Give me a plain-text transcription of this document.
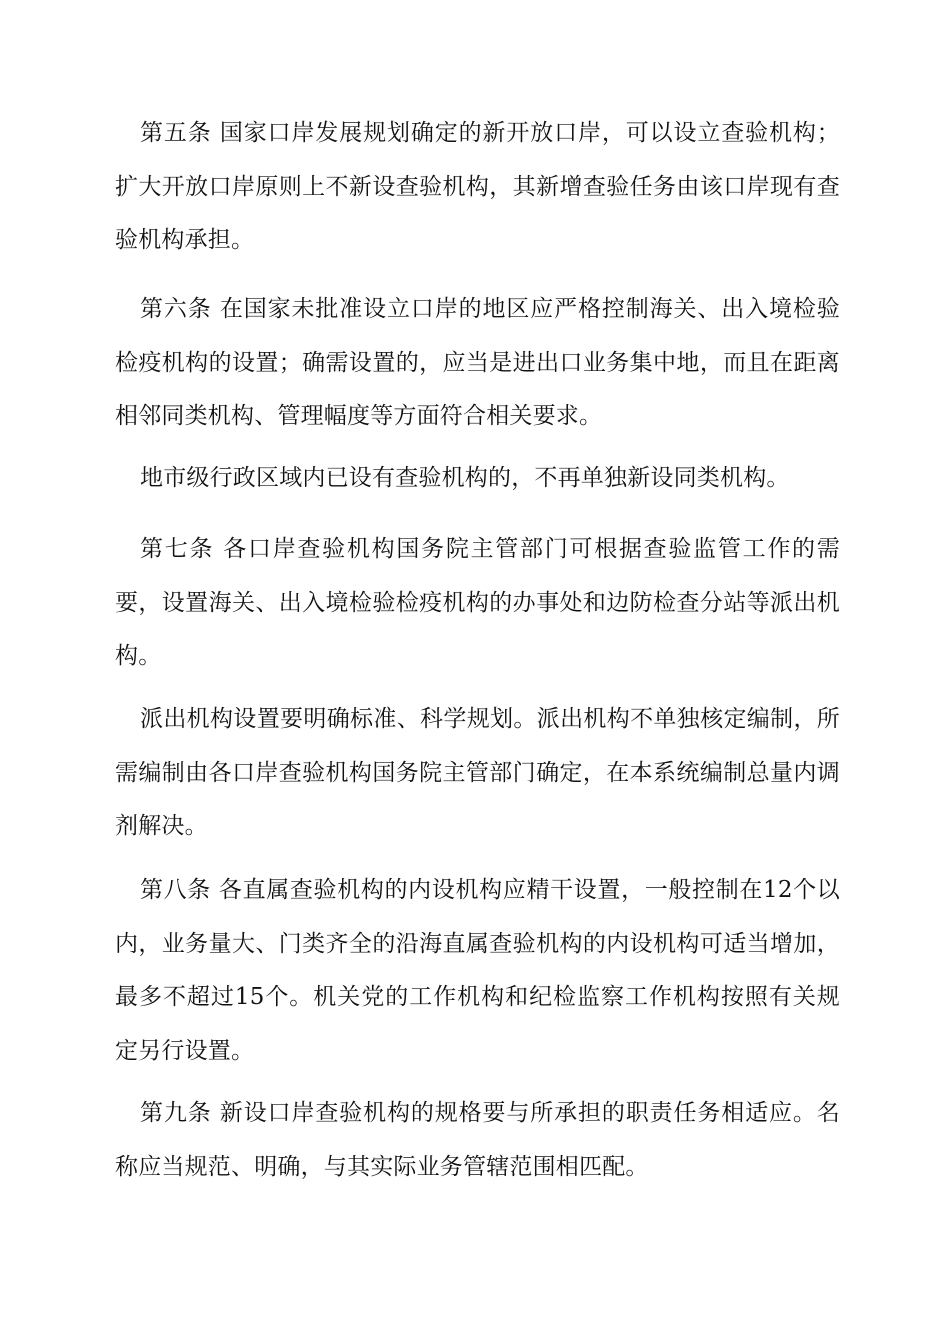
第五条 国家口岸发展规划确定的新开放口岸，可以设立查验机构；扩大开放口岸原则上不新设查验机构，其新增查验任务由该口岸现有查验机构承担。

第六条 在国家未批准设立口岸的地区应严格控制海关、出入境检验检疫机构的设置；确需设置的，应当是进出口业务集中地，而且在距离相邻同类机构、管理幅度等方面符合相关要求。

地市级行政区域内已设有查验机构的，不再单独新设同类机构。

第七条 各口岸查验机构国务院主管部门可根据查验监管工作的需要，设置海关、出入境检验检疫机构的办事处和边防检查分站等派出机构。

派出机构设置要明确标准、科学规划。派出机构不单独核定编制，所需编制由各口岸查验机构国务院主管部门确定，在本系统编制总量内调剂解决。

第八条 各直属查验机构的内设机构应精干设置，一般控制在12个以内，业务量大、门类齐全的沿海直属查验机构的内设机构可适当增加，最多不超过15个。机关党的工作机构和纪检监察工作机构按照有关规定另行设置。

第九条 新设口岸查验机构的规格要与所承担的职责任务相适应。名称应当规范、明确，与其实际业务管辖范围相匹配。
